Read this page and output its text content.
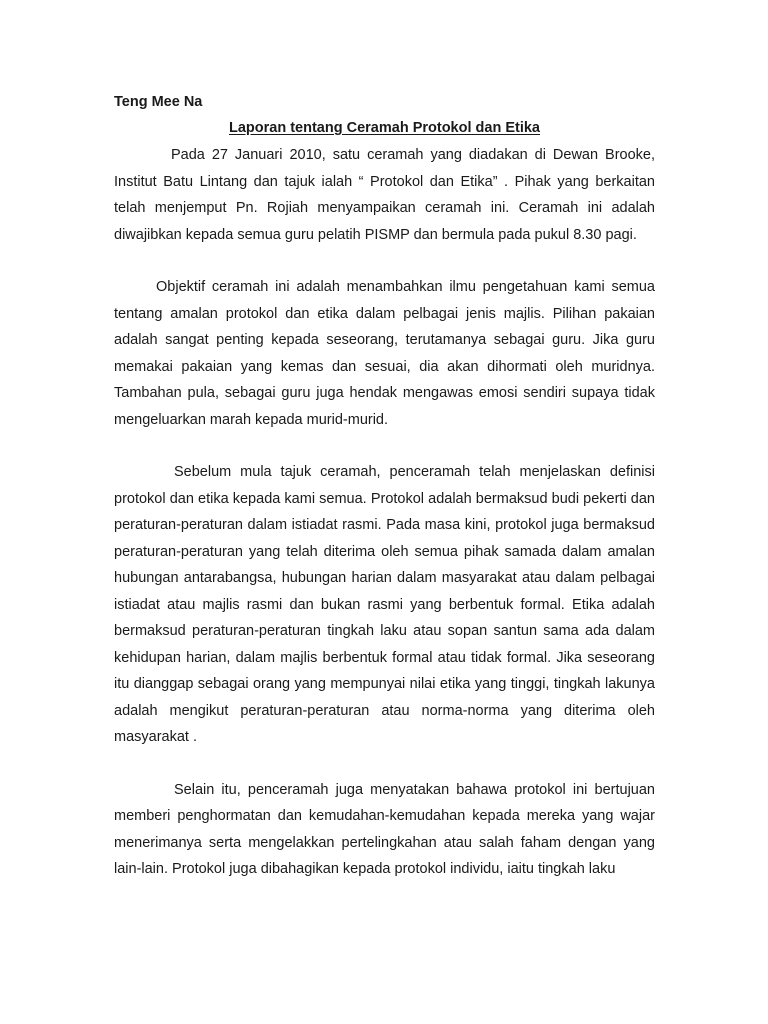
Teng Mee Na

Laporan tentang Ceramah Protokol dan Etika

Pada 27 Januari 2010, satu ceramah yang diadakan di Dewan Brooke, Institut Batu Lintang dan tajuk ialah “ Protokol dan Etika” . Pihak yang berkaitan telah menjemput Pn. Rojiah menyampaikan ceramah ini. Ceramah ini adalah diwajibkan kepada semua guru pelatih PISMP dan bermula pada pukul 8.30 pagi.

Objektif ceramah ini adalah menambahkan ilmu pengetahuan kami semua tentang amalan protokol dan etika dalam pelbagai jenis majlis. Pilihan pakaian adalah sangat penting kepada seseorang, terutamanya sebagai guru. Jika guru memakai pakaian yang kemas dan sesuai, dia akan dihormati oleh muridnya. Tambahan pula, sebagai guru juga hendak mengawas emosi sendiri supaya tidak mengeluarkan marah kepada murid-murid.

Sebelum mula tajuk ceramah, penceramah telah menjelaskan definisi protokol dan etika kepada kami semua. Protokol adalah bermaksud budi pekerti dan peraturan-peraturan dalam istiadat rasmi. Pada masa kini, protokol juga bermaksud peraturan-peraturan yang telah diterima oleh semua pihak samada dalam amalan hubungan antarabangsa, hubungan harian dalam masyarakat atau dalam pelbagai istiadat atau majlis rasmi dan bukan rasmi yang berbentuk formal. Etika adalah bermaksud peraturan-peraturan tingkah laku atau sopan santun sama ada dalam kehidupan harian, dalam majlis berbentuk formal atau tidak formal. Jika seseorang itu dianggap sebagai orang yang mempunyai nilai etika yang tinggi, tingkah lakunya adalah mengikut peraturan-peraturan atau norma-norma yang diterima oleh masyarakat .

Selain itu, penceramah juga menyatakan bahawa protokol ini bertujuan memberi penghormatan dan kemudahan-kemudahan kepada mereka yang wajar menerimanya serta mengelakkan pertelingkahan atau salah faham dengan yang lain-lain. Protokol juga dibahagikan kepada protokol individu, iaitu tingkah laku
